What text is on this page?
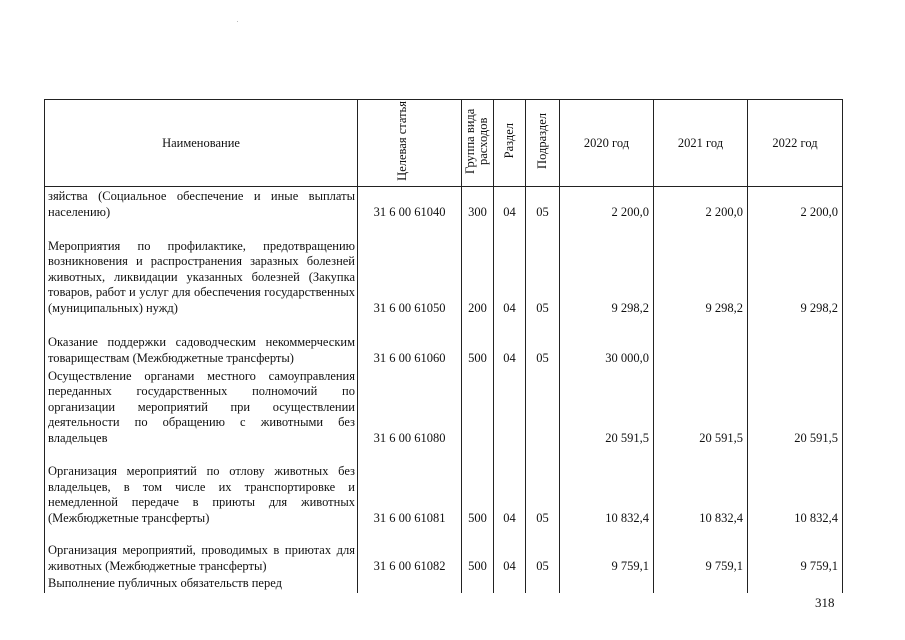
Наименование	Целевая статья	Группа вида расходов	Раздел	Подраздел	2020 год	2021 год	2022 год
зяйства (Социальное обеспечение и иные выплаты населению)	31 6 00 61040	300	04	05	2 200,0	2 200,0	2 200,0
Мероприятия по профилактике, предотвращению возникновения и распространения заразных болезней животных, ликвидации указанных болезней (Закупка товаров, работ и услуг для обеспечения государственных (муниципальных) нужд)	31 6 00 61050	200	04	05	9 298,2	9 298,2	9 298,2
Оказание поддержки садоводческим некоммерческим товариществам (Межбюджетные трансферты)	31 6 00 61060	500	04	05	30 000,0		
Осуществление органами местного самоуправления переданных государственных полномочий по организации мероприятий при осуществлении деятельности по обращению с животными без владельцев	31 6 00 61080				20 591,5	20 591,5	20 591,5
Организация мероприятий по отлову животных без владельцев, в том числе их транспортировке и немедленной передаче в приюты для животных (Межбюджетные трансферты)	31 6 00 61081	500	04	05	10 832,4	10 832,4	10 832,4
Организация мероприятий, проводимых в приютах для животных (Межбюджетные трансферты)	31 6 00 61082	500	04	05	9 759,1	9 759,1	9 759,1
Выполнение публичных обязательств перед							
318
